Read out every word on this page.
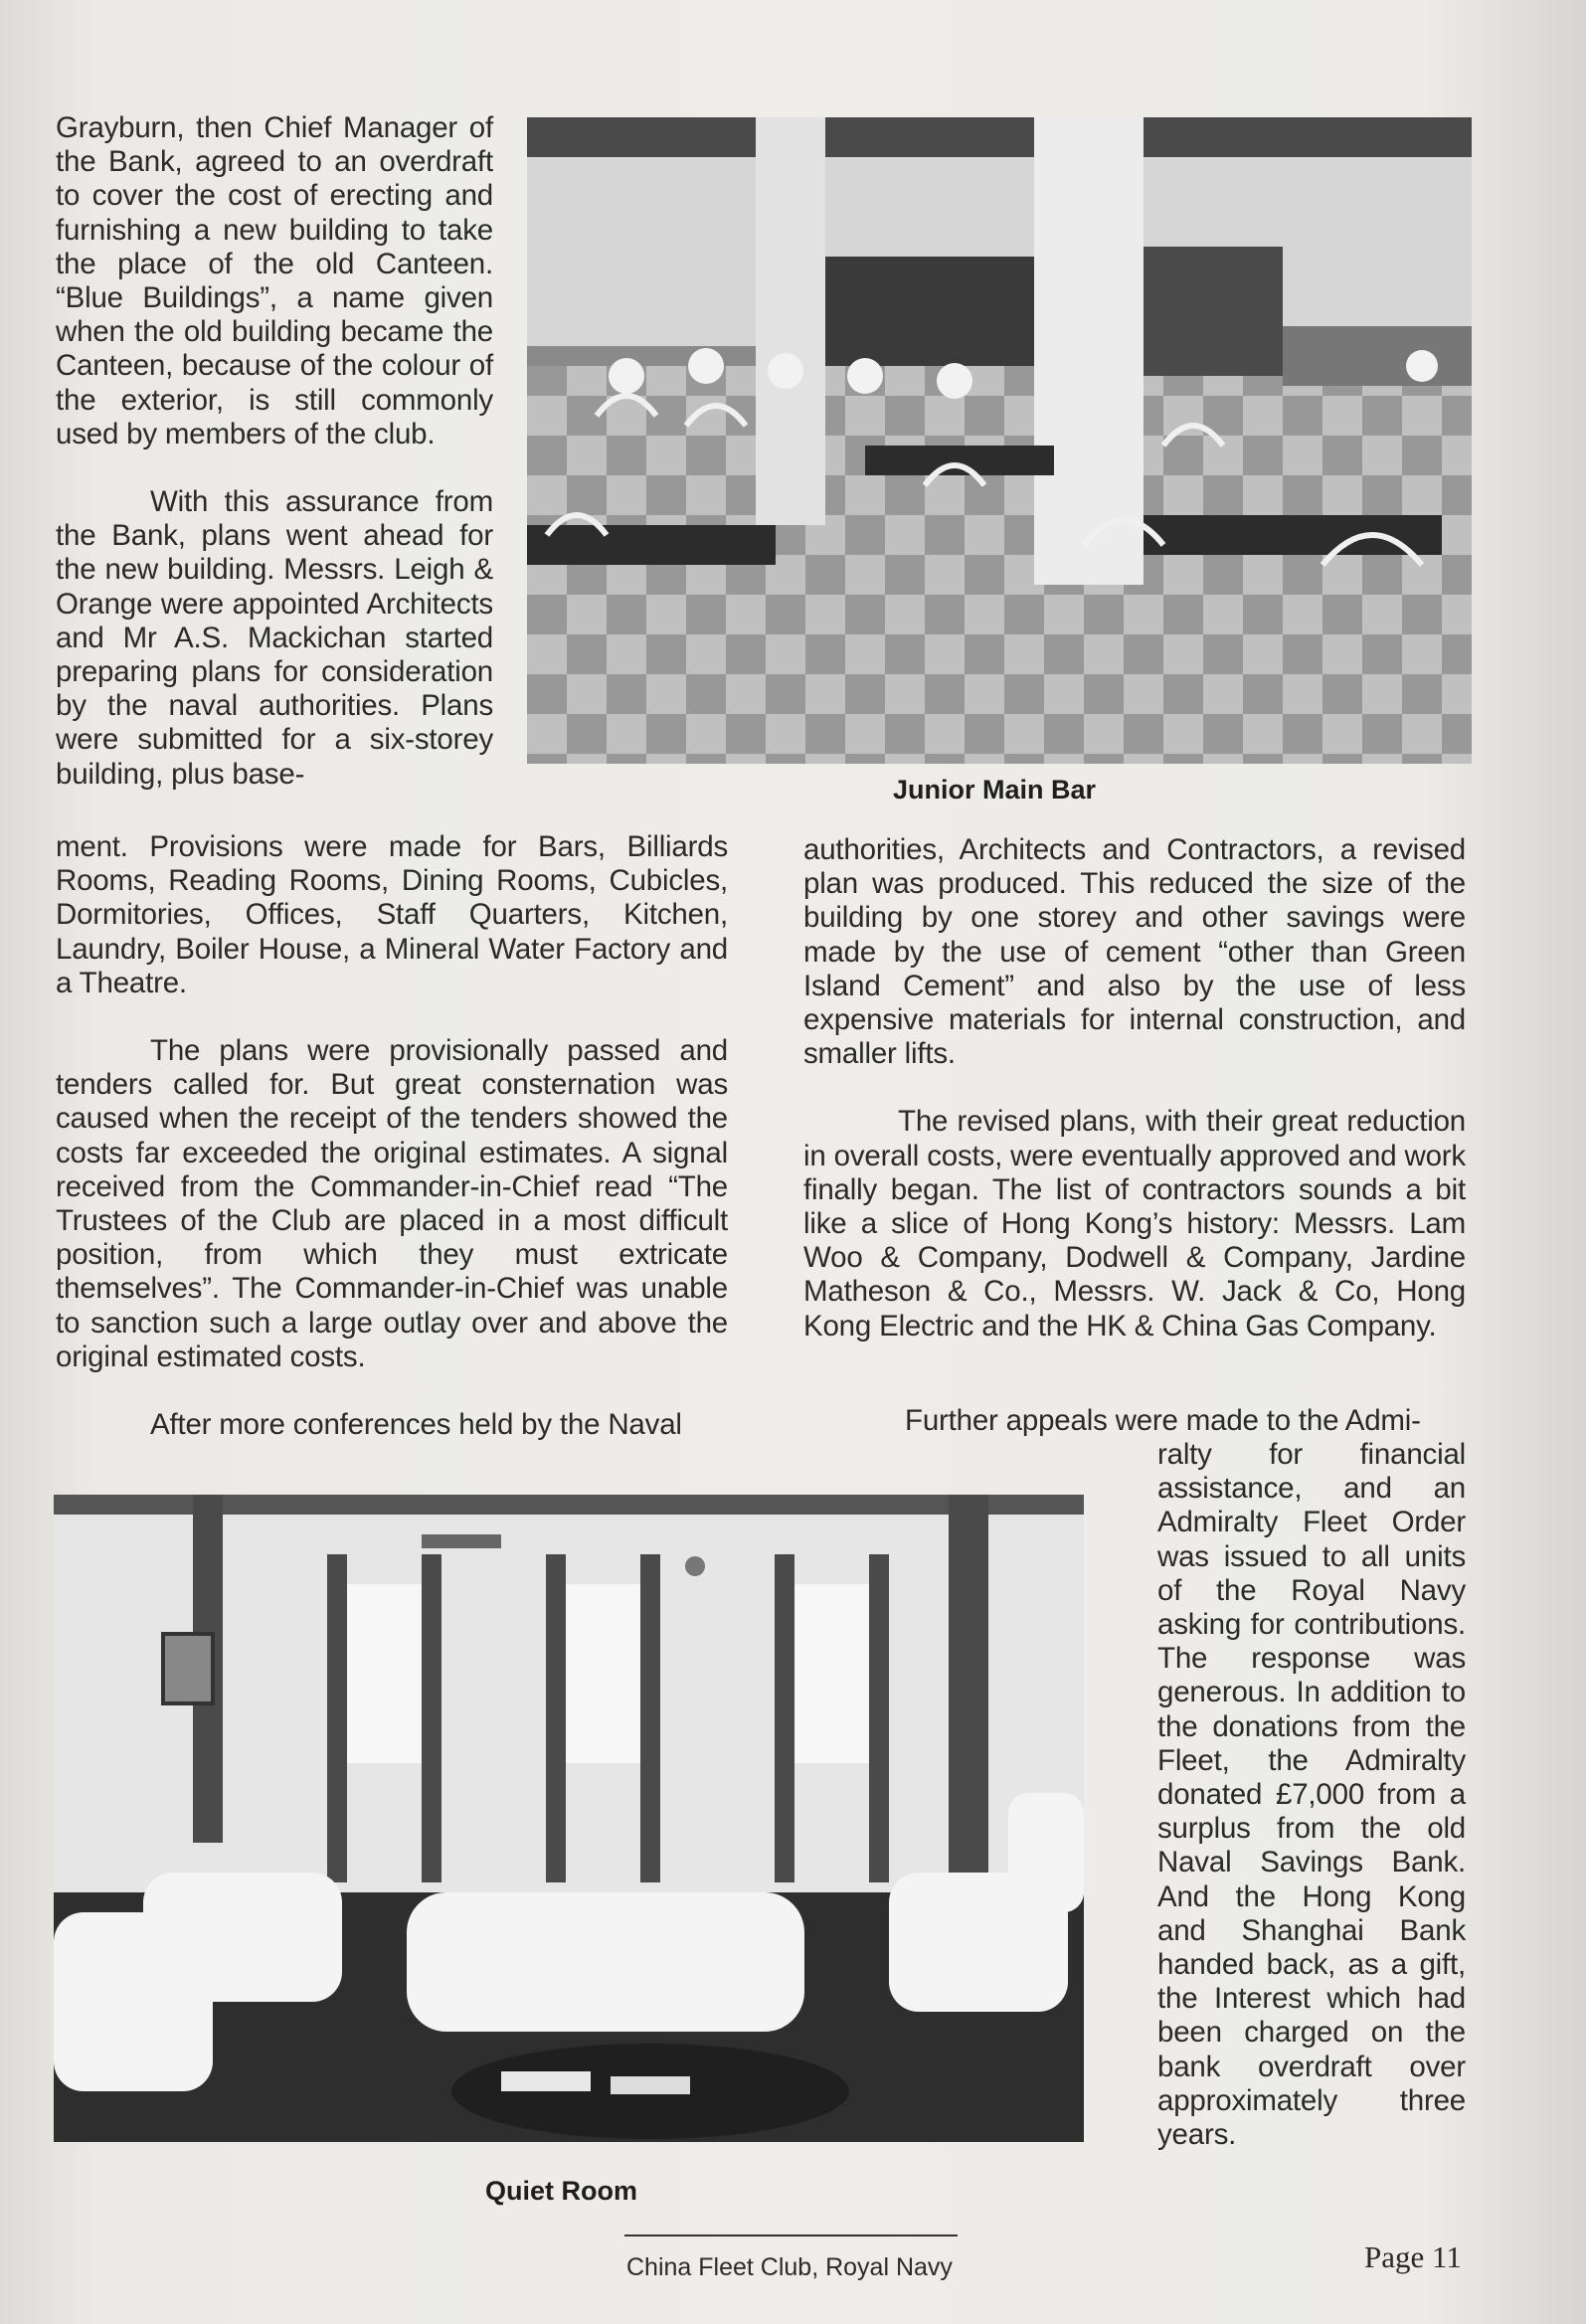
Grayburn, then Chief Manager of the Bank, agreed to an overdraft to cover the cost of erecting and furnishing a new building to take the place of the old Canteen. “Blue Buildings”, a name given when the old building became the Canteen, because of the colour of the exterior, is still commonly used by members of the club.

With this assurance from the Bank, plans went ahead for the new building. Messrs. Leigh & Orange were appointed Architects and Mr A.S. Mackichan started preparing plans for consideration by the naval authorities. Plans were submitted for a six-storey building, plus base-

ment. Provisions were made for Bars, Billiards Rooms, Reading Rooms, Dining Rooms, Cubicles, Dormitories, Offices, Staff Quarters, Kitchen, Laundry, Boiler House, a Mineral Water Factory and a Theatre.

The plans were provisionally passed and tenders called for. But great consternation was caused when the receipt of the tenders showed the costs far exceeded the original estimates. A signal received from the Commander-in-Chief read “The Trustees of the Club are placed in a most difficult position, from which they must extricate themselves”. The Commander-in-Chief was unable to sanction such a large outlay over and above the original estimated costs.

After more conferences held by the Naval

authorities, Architects and Contractors, a revised plan was produced. This reduced the size of the building by one storey and other savings were made by the use of cement “other than Green Island Cement” and also by the use of less expensive materials for internal construction, and smaller lifts.

The revised plans, with their great reduction in overall costs, were eventually approved and work finally began. The list of contractors sounds a bit like a slice of Hong Kong’s history: Messrs. Lam Woo & Company, Dodwell & Company, Jardine Matheson & Co., Messrs. W. Jack & Co, Hong Kong Electric and the HK & China Gas Company.

Further appeals were made to the Admi-

ralty for financial assistance, and an Admiralty Fleet Order was issued to all units of the Royal Navy asking for contributions. The response was generous. In addition to the donations from the Fleet, the Admiralty donated £7,000 from a surplus from the old Naval Savings Bank. And the Hong Kong and Shanghai Bank handed back, as a gift, the Interest which had been charged on the bank overdraft over approximately three years.

Junior Main Bar
Quiet Room
China Fleet Club, Royal Navy	Page 11
